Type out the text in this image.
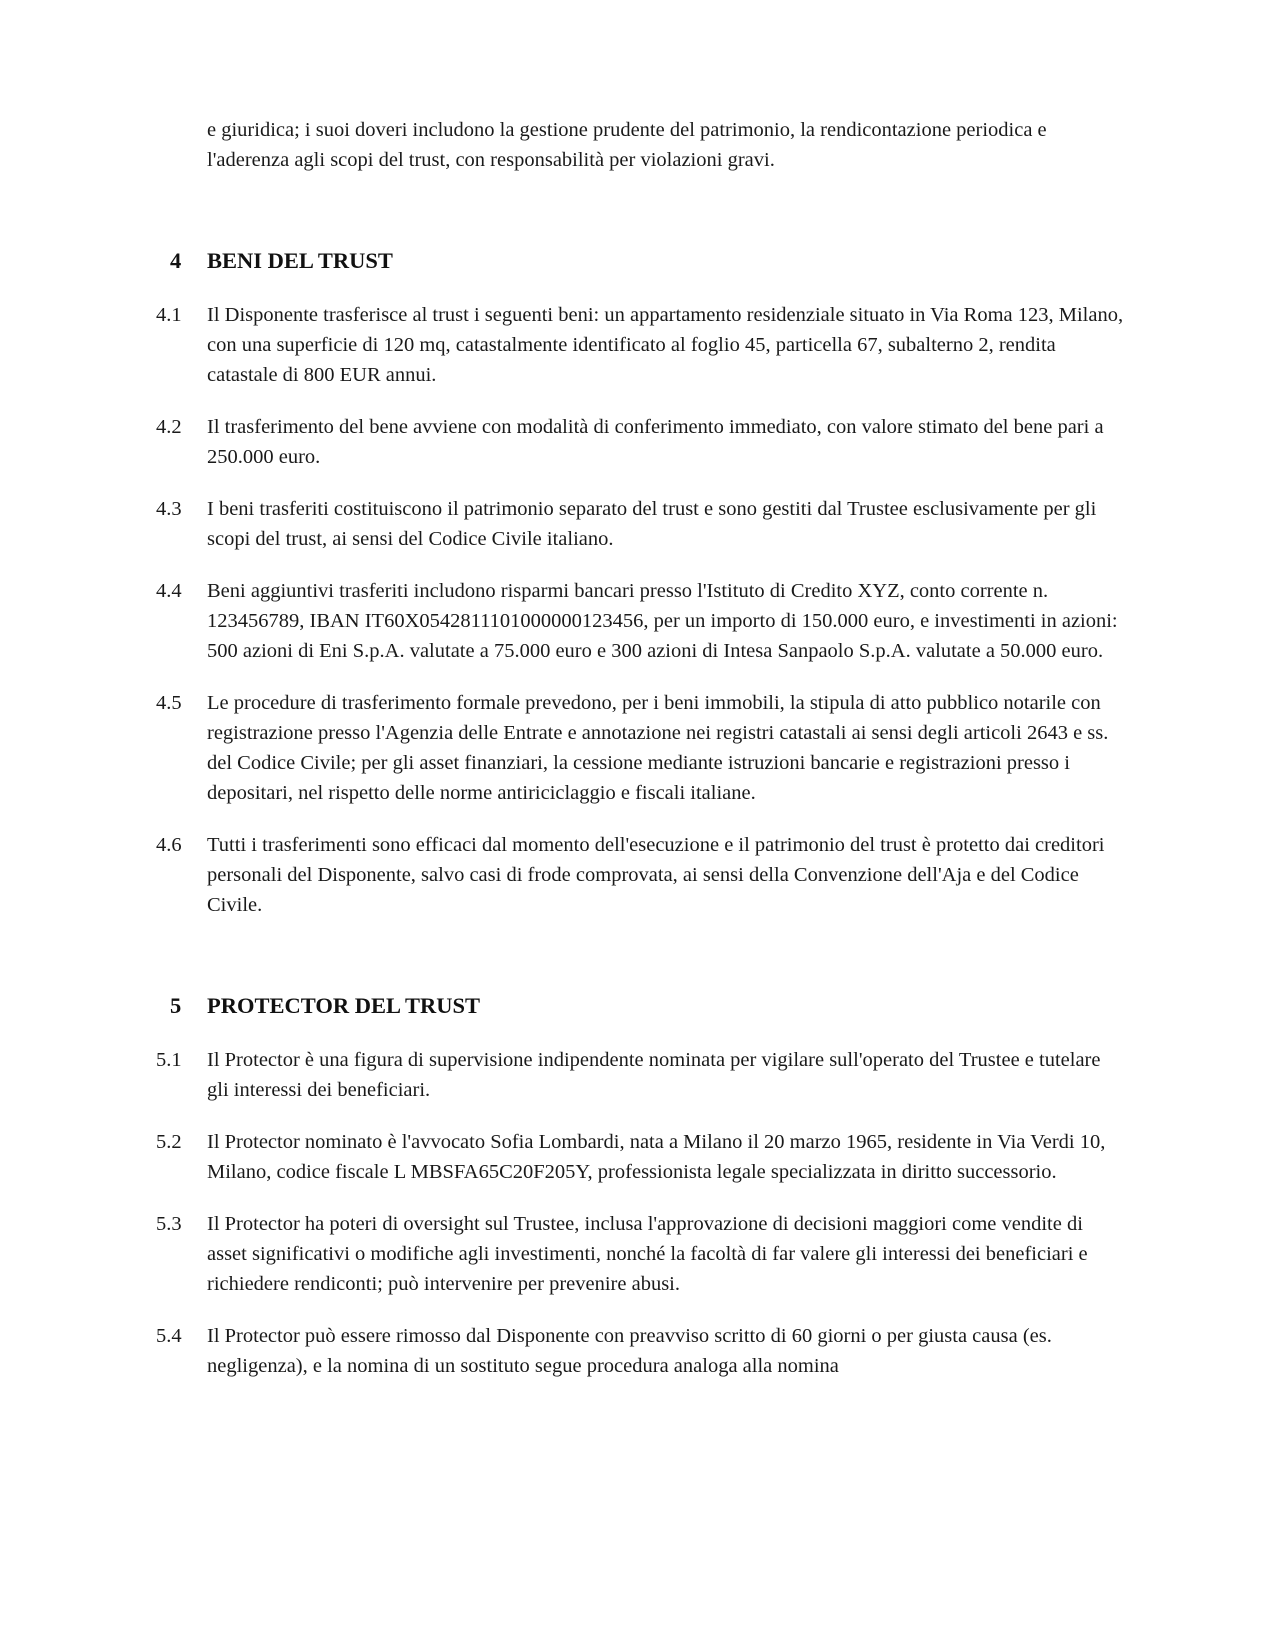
e giuridica; i suoi doveri includono la gestione prudente del patrimonio, la rendicontazione periodica e l'aderenza agli scopi del trust, con responsabilità per violazioni gravi.

4	BENI DEL TRUST
4.1	Il Disponente trasferisce al trust i seguenti beni: un appartamento residenziale situato in Via Roma 123, Milano, con una superficie di 120 mq, catastalmente identificato al foglio 45, particella 67, subalterno 2, rendita catastale di 800 EUR annui.

4.2	Il trasferimento del bene avviene con modalità di conferimento immediato, con valore stimato del bene pari a 250.000 euro.

4.3	I beni trasferiti costituiscono il patrimonio separato del trust e sono gestiti dal Trustee esclusivamente per gli scopi del trust, ai sensi del Codice Civile italiano.

4.4	Beni aggiuntivi trasferiti includono risparmi bancari presso l'Istituto di Credito XYZ, conto corrente n. 123456789, IBAN IT60X0542811101000000123456, per un importo di 150.000 euro, e investimenti in azioni: 500 azioni di Eni S.p.A. valutate a 75.000 euro e 300 azioni di Intesa Sanpaolo S.p.A. valutate a 50.000 euro.

4.5	Le procedure di trasferimento formale prevedono, per i beni immobili, la stipula di atto pubblico notarile con registrazione presso l'Agenzia delle Entrate e annotazione nei registri catastali ai sensi degli articoli 2643 e ss. del Codice Civile; per gli asset finanziari, la cessione mediante istruzioni bancarie e registrazioni presso i depositari, nel rispetto delle norme antiriciclaggio e fiscali italiane.

4.6	Tutti i trasferimenti sono efficaci dal momento dell'esecuzione e il patrimonio del trust è protetto dai creditori personali del Disponente, salvo casi di frode comprovata, ai sensi della Convenzione dell'Aja e del Codice Civile.

5	PROTECTOR DEL TRUST
5.1	Il Protector è una figura di supervisione indipendente nominata per vigilare sull'operato del Trustee e tutelare gli interessi dei beneficiari.

5.2	Il Protector nominato è l'avvocato Sofia Lombardi, nata a Milano il 20 marzo 1965, residente in Via Verdi 10, Milano, codice fiscale L MBSFA65C20F205Y, professionista legale specializzata in diritto successorio.

5.3	Il Protector ha poteri di oversight sul Trustee, inclusa l'approvazione di decisioni maggiori come vendite di asset significativi o modifiche agli investimenti, nonché la facoltà di far valere gli interessi dei beneficiari e richiedere rendiconti; può intervenire per prevenire abusi.

5.4	Il Protector può essere rimosso dal Disponente con preavviso scritto di 60 giorni o per giusta causa (es. negligenza), e la nomina di un sostituto segue procedura analoga alla nomina
